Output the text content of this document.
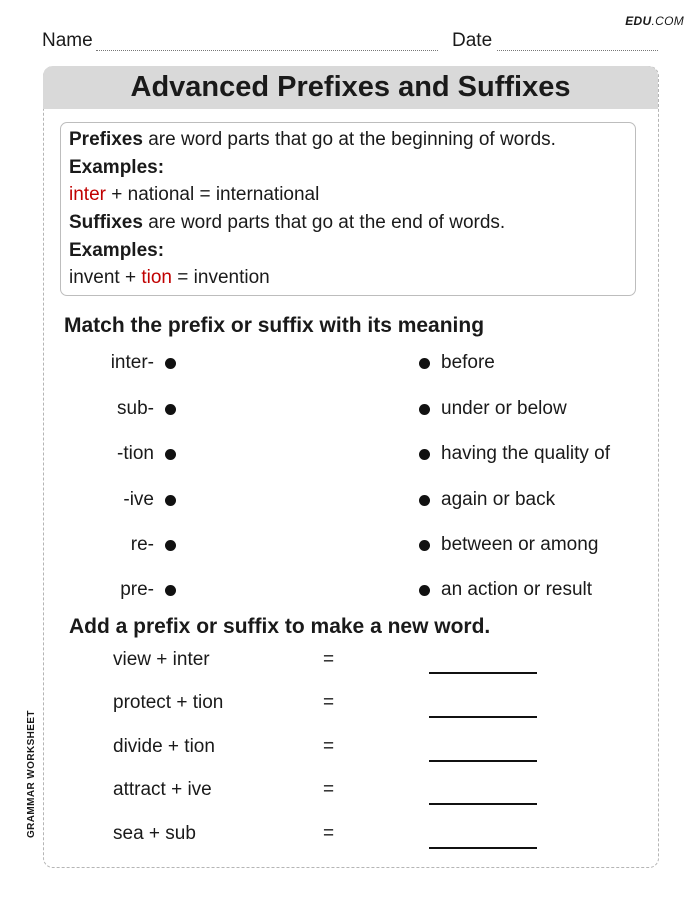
EDU.COM
Name	Date
Advanced Prefixes and Suffixes
Prefixes are word parts that go at the beginning of words.
Examples:
inter + national = international
Suffixes are word parts that go at the end of words.
Examples:
invent + tion = invention
Match the prefix or suffix with its meaning
inter-	before
sub-	under or below
-tion	having the quality of
-ive	again or back
re-	between or among
pre-	an action or result
Add a prefix or suffix to make a new word.
view + inter	=
protect + tion	=
divide + tion	=
attract + ive	=
sea + sub	=
GRAMMAR WORKSHEET
